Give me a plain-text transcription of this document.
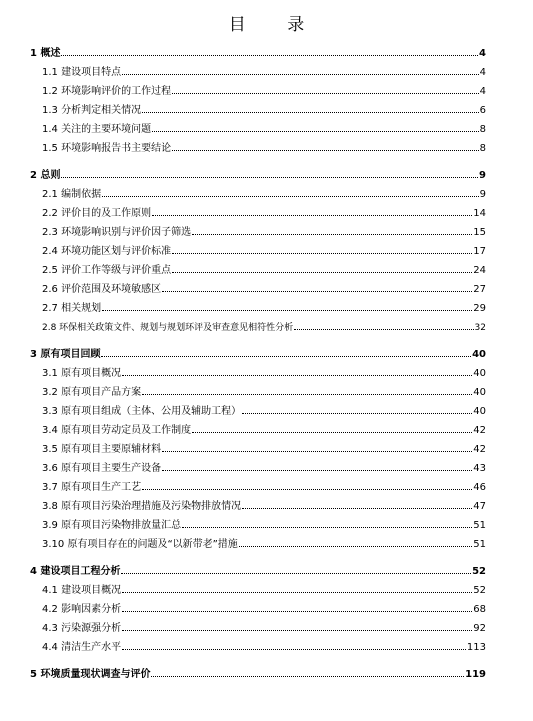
目 录
1 概述	4
1.1 建设项目特点	4
1.2 环境影响评价的工作过程	4
1.3 分析判定相关情况	6
1.4 关注的主要环境问题	8
1.5 环境影响报告书主要结论	8
2 总则	9
2.1 编制依据	9
2.2 评价目的及工作原则	14
2.3 环境影响识别与评价因子筛选	15
2.4 环境功能区划与评价标准	17
2.5 评价工作等级与评价重点	24
2.6 评价范围及环境敏感区	27
2.7 相关规划	29
2.8 环保相关政策文件、规划与规划环评及审查意见相符性分析	32
3 原有项目回顾	40
3.1 原有项目概况	40
3.2 原有项目产品方案	40
3.3 原有项目组成（主体、公用及辅助工程）	40
3.4 原有项目劳动定员及工作制度	42
3.5 原有项目主要原辅材料	42
3.6 原有项目主要生产设备	43
3.7 原有项目生产工艺	46
3.8 原有项目污染治理措施及污染物排放情况	47
3.9 原有项目污染物排放量汇总	51
3.10 原有项目存在的问题及“以新带老”措施	51
4 建设项目工程分析	52
4.1 建设项目概况	52
4.2 影响因素分析	68
4.3 污染源强分析	92
4.4 清洁生产水平	113
5 环境质量现状调查与评价	119
